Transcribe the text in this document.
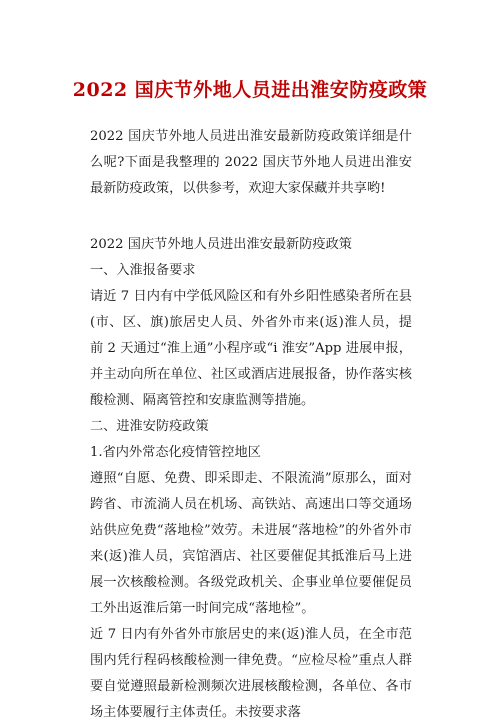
2022 国庆节外地人员进出淮安防疫政策

2022 国庆节外地人员进出淮安最新防疫政策详细是什么呢?下面是我整理的 2022 国庆节外地人员进出淮安最新防疫政策，以供参考，欢迎大家保藏并共享哟!

2022 国庆节外地人员进出淮安最新防疫政策

一、入淮报备要求

请近 7 日内有中学低风险区和有外乡阳性感染者所在县(市、区、旗)旅居史人员、外省外市来(返)淮人员，提前 2 天通过“淮上通”小程序或“i 淮安”App 进展申报，并主动向所在单位、社区或酒店进展报备，协作落实核酸检测、隔离管控和安康监测等措施。

二、进淮安防疫政策

1.省内外常态化疫情管控地区

遵照“自愿、免费、即采即走、不限流淌”原那么，面对跨省、市流淌人员在机场、高铁站、高速出口等交通场站供应免费“落地检”效劳。未进展“落地检”的外省外市来(返)淮人员，宾馆酒店、社区要催促其抵淮后马上进展一次核酸检测。各级党政机关、企事业单位要催促员工外出返淮后第一时间完成“落地检”。

近 7 日内有外省外市旅居史的来(返)淮人员，在全市范围内凭行程码核酸检测一律免费。“应检尽检”重点人群要自觉遵照最新检测频次进展核酸检测，各单位、各市场主体要履行主体责任。未按要求落
